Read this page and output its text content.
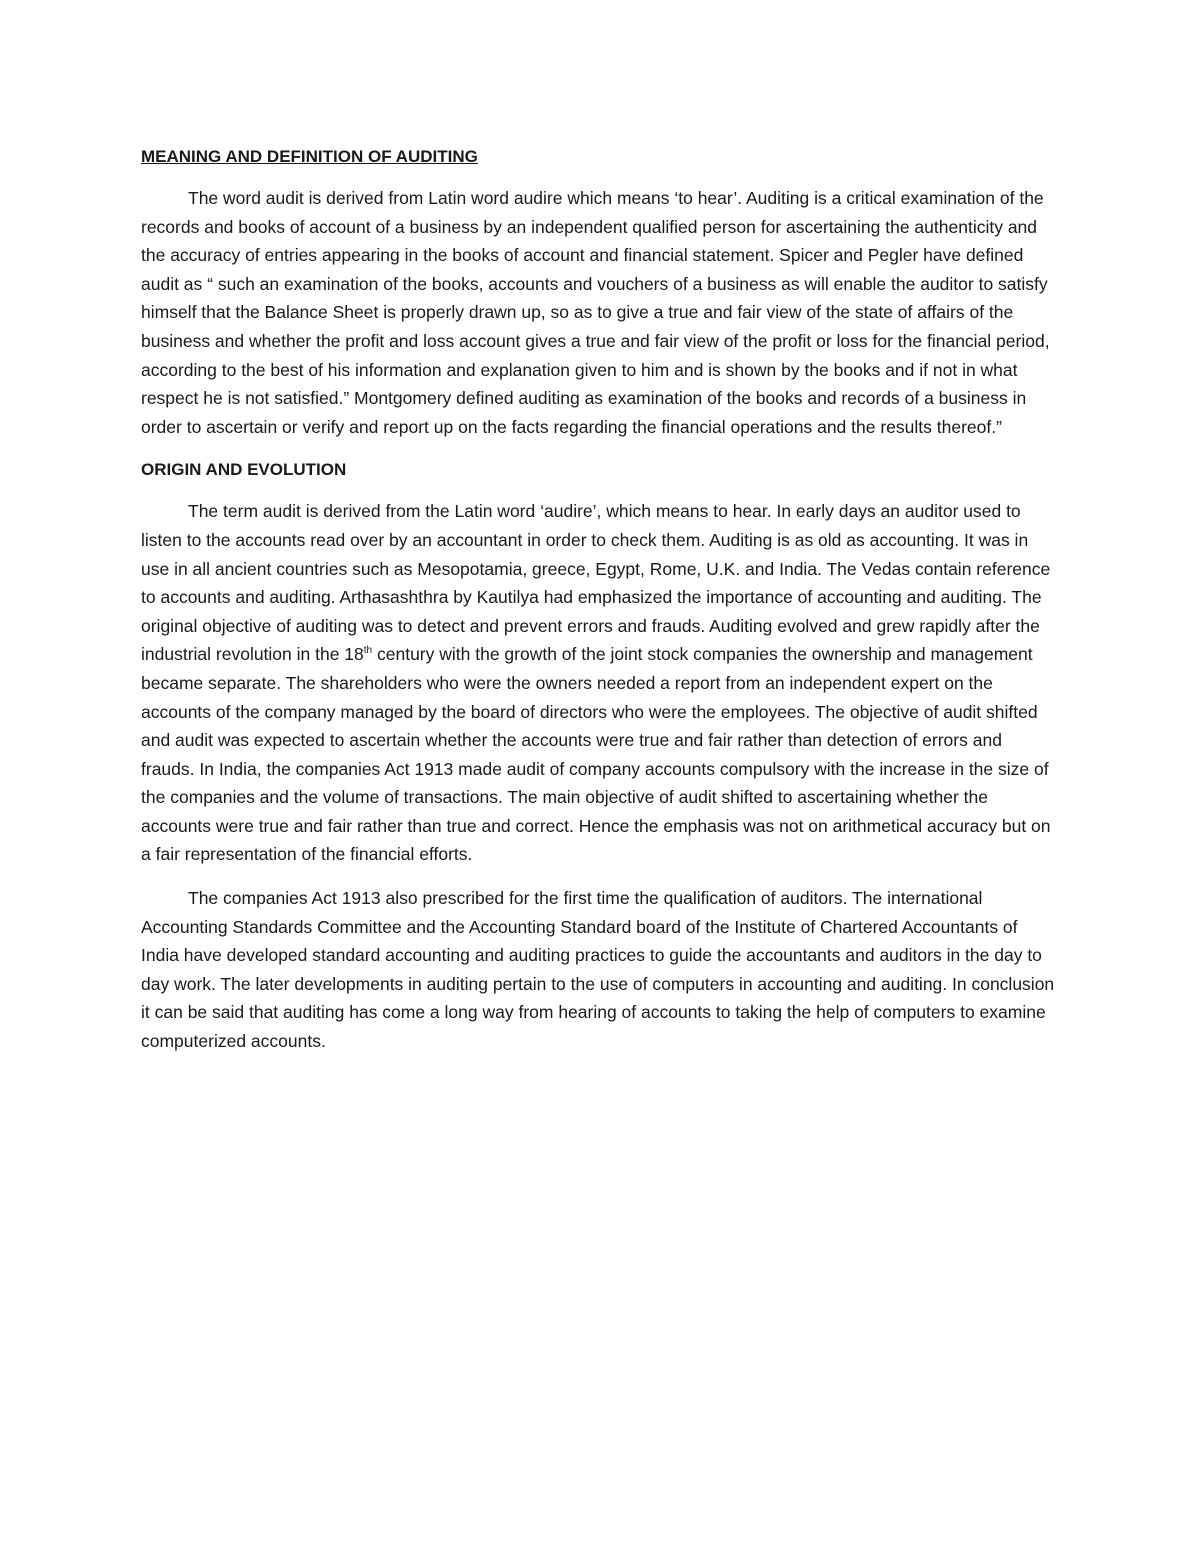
MEANING AND DEFINITION OF AUDITING

The word audit is derived from Latin word audire which means ‘to hear’. Auditing is a critical examination of the records and books of account of a business by an independent qualified person for ascertaining the authenticity and the accuracy of entries appearing in the books of account and financial statement. Spicer and Pegler have defined audit as “ such an examination of the books, accounts and vouchers of a business as will enable the auditor to satisfy himself that the Balance Sheet is properly drawn up, so as to give a true and fair view of the state of affairs of the business and whether the profit and loss account gives a true and fair view of the profit or loss for the financial period, according to the best of his information and explanation given to him and is shown by the books and if not in what respect he is not satisfied.” Montgomery defined auditing as examination of the books and records of a business in order to ascertain or verify and report up on the facts regarding the financial operations and the results thereof.”

ORIGIN AND EVOLUTION

The term audit is derived from the Latin word ‘audire’, which means to hear. In early days an auditor used to listen to the accounts read over by an accountant in order to check them. Auditing is as old as accounting. It was in use in all ancient countries such as Mesopotamia, greece, Egypt, Rome, U.K. and India. The Vedas contain reference to accounts and auditing. Arthasashthra by Kautilya had emphasized the importance of accounting and auditing. The original objective of auditing was to detect and prevent errors and frauds. Auditing evolved and grew rapidly after the industrial revolution in the 18th century with the growth of the joint stock companies the ownership and management became separate. The shareholders who were the owners needed a report from an independent expert on the accounts of the company managed by the board of directors who were the employees. The objective of audit shifted and audit was expected to ascertain whether the accounts were true and fair rather than detection of errors and frauds. In India, the companies Act 1913 made audit of company accounts compulsory with the increase in the size of the companies and the volume of transactions. The main objective of audit shifted to ascertaining whether the accounts were true and fair rather than true and correct. Hence the emphasis was not on arithmetical accuracy but on a fair representation of the financial efforts.

The companies Act 1913 also prescribed for the first time the qualification of auditors. The international Accounting Standards Committee and the Accounting Standard board of the Institute of Chartered Accountants of India have developed standard accounting and auditing practices to guide the accountants and auditors in the day to day work. The later developments in auditing pertain to the use of computers in accounting and auditing. In conclusion it can be said that auditing has come a long way from hearing of accounts to taking the help of computers to examine computerized accounts.
